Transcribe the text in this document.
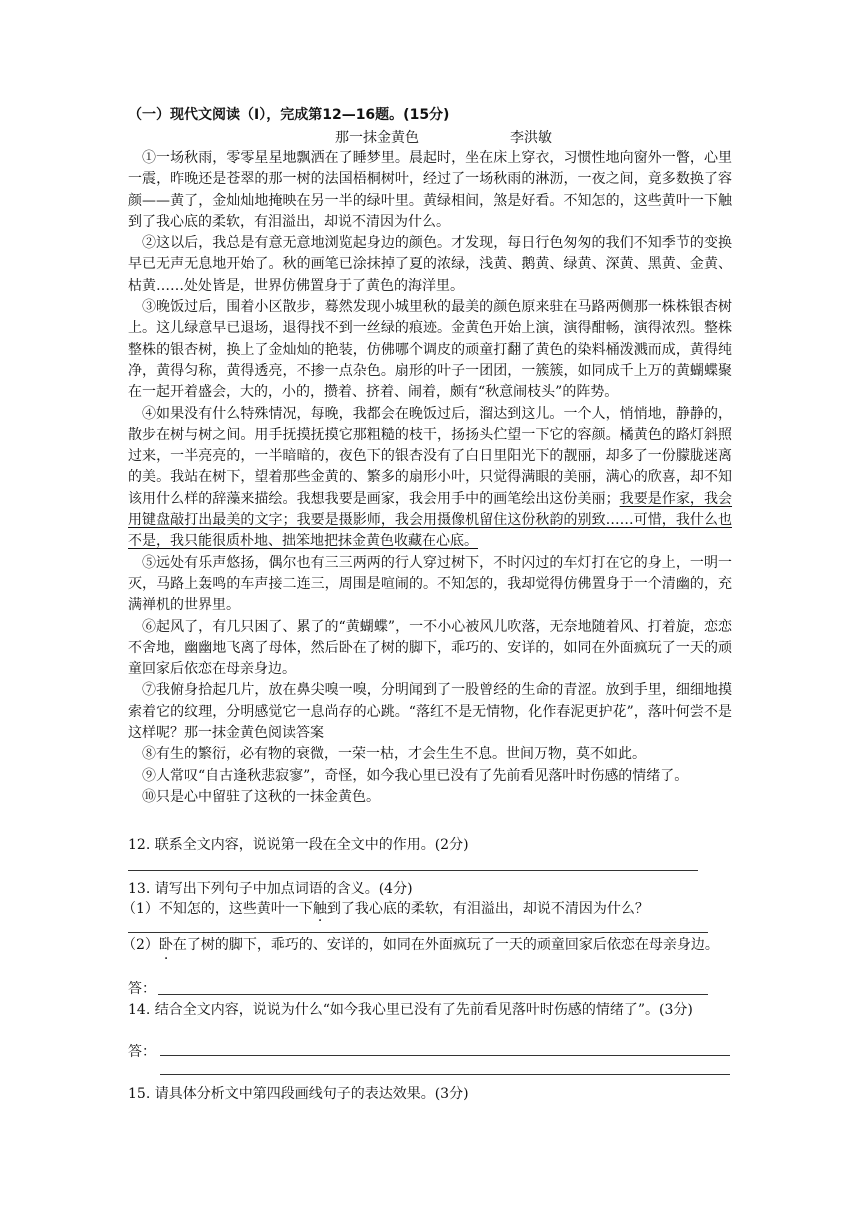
（一）现代文阅读（Ⅰ），完成第12—16题。(15分)
那一抹金黄色	李洪敏

①一场秋雨，零零星星地飘洒在了睡梦里。晨起时，坐在床上穿衣，习惯性地向窗外一瞥，心里一震，昨晚还是苍翠的那一树的法国梧桐树叶，经过了一场秋雨的淋沥，一夜之间，竟多数换了容颜——黄了，金灿灿地掩映在另一半的绿叶里。黄绿相间，煞是好看。不知怎的，这些黄叶一下触到了我心底的柔软，有泪溢出，却说不清因为什么。

②这以后，我总是有意无意地浏览起身边的颜色。才发现，每日行色匆匆的我们不知季节的变换早已无声无息地开始了。秋的画笔已涂抹掉了夏的浓绿，浅黄、鹅黄、绿黄、深黄、黑黄、金黄、枯黄……处处皆是，世界仿佛置身于了黄色的海洋里。

③晚饭过后，围着小区散步，蓦然发现小城里秋的最美的颜色原来驻在马路两侧那一株株银杏树上。这儿绿意早已退场，退得找不到一丝绿的痕迹。金黄色开始上演，演得酣畅，演得浓烈。整株整株的银杏树，换上了金灿灿的艳装，仿佛哪个调皮的顽童打翻了黄色的染料桶泼溅而成，黄得纯净，黄得匀称，黄得透亮，不掺一点杂色。扇形的叶子一团团，一簇簇，如同成千上万的黄蝴蝶聚在一起开着盛会，大的，小的，攒着、挤着、闹着，颇有“秋意闹枝头”的阵势。

④如果没有什么特殊情况，每晚，我都会在晚饭过后，溜达到这儿。一个人，悄悄地，静静的，散步在树与树之间。用手抚摸抚摸它那粗糙的枝干，扬扬头伫望一下它的容颜。橘黄色的路灯斜照过来，一半亮亮的，一半暗暗的，夜色下的银杏没有了白日里阳光下的靓丽，却多了一份朦胧迷离的美。我站在树下，望着那些金黄的、繁多的扇形小叶，只觉得满眼的美丽，满心的欣喜，却不知该用什么样的辞藻来描绘。我想我要是画家，我会用手中的画笔绘出这份美丽；我要是作家，我会用键盘敲打出最美的文字；我要是摄影师，我会用摄像机留住这份秋韵的别致……可惜，我什么也不是，我只能很质朴地、拙笨地把抹金黄色收藏在心底。

⑤远处有乐声悠扬，偶尔也有三三两两的行人穿过树下，不时闪过的车灯打在它的身上，一明一灭，马路上轰鸣的车声接二连三，周围是喧闹的。不知怎的，我却觉得仿佛置身于一个清幽的，充满禅机的世界里。

⑥起风了，有几只困了、累了的“黄蝴蝶”，一不小心被风儿吹落，无奈地随着风、打着旋，恋恋不舍地，幽幽地飞离了母体，然后卧在了树的脚下，乖巧的、安详的，如同在外面疯玩了一天的顽童回家后依恋在母亲身边。

⑦我俯身拾起几片，放在鼻尖嗅一嗅，分明闻到了一股曾经的生命的青涩。放到手里，细细地摸索着它的纹理，分明感觉它一息尚存的心跳。“落红不是无情物，化作春泥更护花”，落叶何尝不是这样呢？那一抹金黄色阅读答案

⑧有生的繁衍，必有物的衰微，一荣一枯，才会生生不息。世间万物，莫不如此。

⑨人常叹“自古逢秋悲寂寥”，奇怪，如今我心里已没有了先前看见落叶时伤感的情绪了。

⑩只是心中留驻了这秋的一抹金黄色。

12. 联系全文内容，说说第一段在全文中的作用。(2分)
13. 请写出下列句子中加点词语的含义。(4分)
（1）不知怎的，这些黄叶一下触到了我心底的柔软，有泪溢出，却说不清因为什么？
（2）卧在了树的脚下，乖巧的、安详的，如同在外面疯玩了一天的顽童回家后依恋在母亲身边。
答：
14. 结合全文内容，说说为什么“如今我心里已没有了先前看见落叶时伤感的情绪了”。(3分)
答：
15. 请具体分析文中第四段画线句子的表达效果。(3分)
